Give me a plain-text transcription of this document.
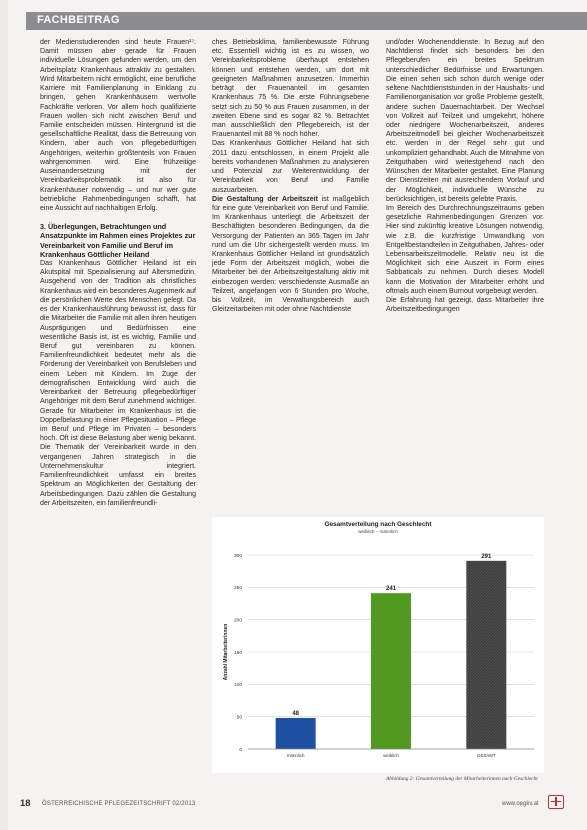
FACHBEITRAG

der Medienstudierenden sind heute Frauen¹⁷. Damit müssen aber gerade für Frauen individuelle Lösungen gefunden werden, um den Arbeitsplatz Krankenhaus attraktiv zu gestalten. Wird Mitarbeitern nicht ermöglicht, eine berufliche Karriere mit Familienplanung in Einklang zu bringen, gehen Krankenhäusern wertvolle Fachkräfte verloren. Vor allem hoch qualifizierte Frauen wollen sich nicht zwischen Beruf und Familie entscheiden müssen. Hintergrund ist die gesellschaftliche Realität, dass die Betreuung von Kindern, aber auch von pflegebedürftigen Angehörigen, weiterhin größtenteils von Frauen wahrgenommen wird. Eine frühzeitige Auseinandersetzung mit der Vereinbarkeitsproblematik ist also für Krankenhäuser notwendig – und nur wer gute betriebliche Rahmenbedingungen schafft, hat eine Aussicht auf nachhaltigen Erfolg.

3. Überlegungen, Betrachtungen und Ansatzpunkte im Rahmen eines Projektes zur Vereinbarkeit von Familie und Beruf im Krankenhaus Göttlicher Heiland

Das Krankenhaus Göttlicher Heiland ist ein Akutspital mit Spezialisierung auf Altersmedizin. Ausgehend von der Tradition als christliches Krankenhaus wird ein besonderes Augenmerk auf die persönlichen Werte des Menschen gelegt. Da es der Krankenhausführung bewusst ist, dass für die Mitarbeiter die Familie mit allen ihren heutigen Ausprägungen und Bedürfnissen eine wesentliche Basis ist, ist es wichtig, Familie und Beruf gut vereinbaren zu können. Familienfreundlichkeit bedeutet mehr als die Förderung der Vereinbarkeit von Berufsleben und einem Leben mit Kindern. Im Zuge der demografischen Entwicklung wird auch die Vereinbarkeit der Betreuung pflegebedürftiger Angehöriger mit dem Beruf zunehmend wichtiger. Gerade für Mitarbeiter im Krankenhaus ist die Doppelbelastung in einer Pflegesituation – Pflege im Beruf und Pflege im Privaten – besonders hoch. Oft ist diese Belastung aber wenig bekannt. Die Thematik der Vereinbarkeit wurde in den vergangenen Jahren strategisch in die Unternehmenskultur integriert. Familienfreundlichkeit umfasst ein breites Spektrum an Möglichkeiten der Gestaltung der Arbeitsbedingungen. Dazu zählen die Gestaltung der Arbeitszeiten, ein familienfreundli-

ches Betriebsklima, familienbewusste Führung etc. Essentiell wichtig ist es zu wissen, wo Vereinbarkeitsprobleme überhaupt entstehen können und entstehen werden, um dort mit geeigneten Maßnahmen anzusetzen. Immerhin beträgt der Frauenanteil im gesamten Krankenhaus 75 %. Die erste Führungsebene setzt sich zu 50 % aus Frauen zusammen, in der zweiten Ebene sind es sogar 82 %. Betrachtet man ausschließlich den Pflegebereich, ist der Frauenanteil mit 88 % noch höher.

Das Krankenhaus Göttlicher Heiland hat sich 2011 dazu entschlossen, in einem Projekt alle bereits vorhandenen Maßnahmen zu analysieren und Potenzial zur Weiterentwicklung der Vereinbarkeit von Beruf und Familie auszuarbeiten.

Die Gestaltung der Arbeitszeit ist maßgeblich für eine gute Vereinbarkeit von Beruf und Familie. Im Krankenhaus unterliegt die Arbeitszeit der Beschäftigten besonderen Bedingungen, da die Versorgung der Patienten an 365 Tagen im Jahr rund um die Uhr sichergestellt werden muss. Im Krankenhaus Göttlicher Heiland ist grundsätzlich jede Form der Arbeitszeit möglich, wobei die Mitarbeiter bei der Arbeitszeitgestaltung aktiv mit einbezogen werden: verschiedenste Ausmaße an Teilzeit, angefangen von 6 Stunden pro Woche, bis Vollzeit, im Verwaltungsbereich auch Gleitzeitarbeiten mit oder ohne Nachtdienste

und/oder Wochenenddienste. In Bezug auf den Nachtdienst findet sich besonders bei den Pflegeberufen ein breites Spektrum unterschiedlicher Bedürfnisse und Erwartungen. Die einen sehen sich schon durch wenige oder seltene Nachtdienststunden in der Haushalts- und Familienorganisation vor große Probleme gestellt, andere suchen Dauernachtarbeit. Der Wechsel von Vollzeit auf Teilzeit und umgekehrt, höhere oder niedrigere Wochenarbeitszeit, anderes Arbeitszeitmodell bei gleicher Wochenarbeitszeit etc. werden in der Regel sehr gut und unkompliziert gehandhabt. Auch die Mitnahme von Zeitguthaben wird weitestgehend nach den Wünschen der Mitarbeiter gestaltet. Eine Planung der Dienstzeiten mit ausreichendem Vorlauf und der Möglichkeit, individuelle Wünsche zu berücksichtigen, ist bereits gelebte Praxis.

Im Bereich des Durchrechnungszeitraums geben gesetzliche Rahmenbedingungen Grenzen vor. Hier sind zukünftig kreative Lösungen notwendig, wie z.B. die kurzfristige Umwandlung von Entgeltbestandteilen in Zeitguthaben, Jahres- oder Lebensarbeitszeitmodelle. Relativ neu ist die Möglichkeit sich eine Auszeit in Form eines Sabbaticals zu nehmen. Durch dieses Modell kann die Motivation der Mitarbeiter erhöht und oftmals auch einem Burnout vorgebeugt werden.

Die Erfahrung hat gezeigt, dass Mitarbeiter ihre Arbeitszeitbedingungen

Gesamtverteilung nach Geschlecht
weiblich – männlich
0
50
100
150
200
250
300
Anzahl Mitarbeiterinnen
48
männlich
241
weiblich
291
GESAMT
Abbildung 2: Gesamtverteilung der Mitarbeiterinnen nach Geschlecht
18 ÖSTERREICHISCHE PFLEGEZEITSCHRIFT 02/2013	www.oegkv.at
